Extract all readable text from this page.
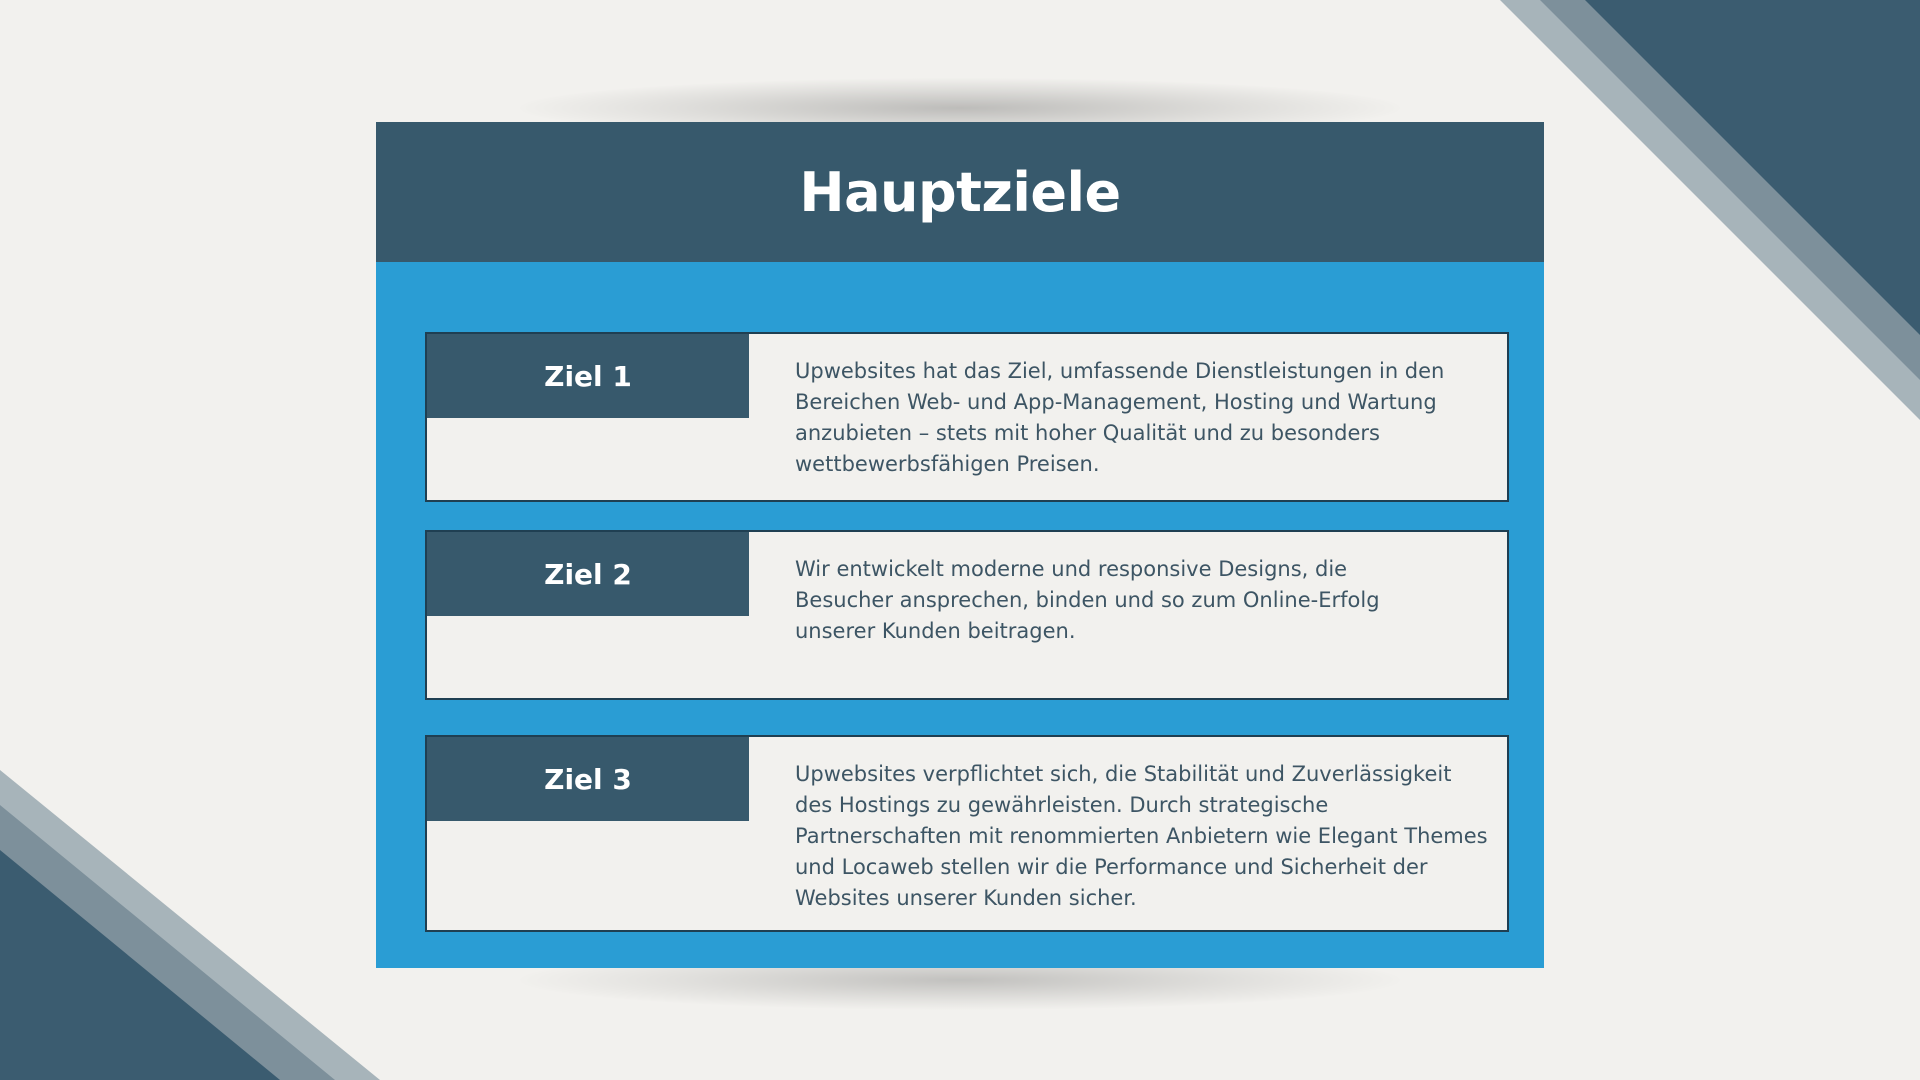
Hauptziele
Ziel 1	Upwebsites hat das Ziel, umfassende Dienstleistungen in den Bereichen Web- und App-Management, Hosting und Wartung anzubieten – stets mit hoher Qualität und zu besonders wettbewerbsfähigen Preisen.

Ziel 2	Wir entwickelt moderne und responsive Designs, die Besucher ansprechen, binden und so zum Online-Erfolg unserer Kunden beitragen.

Ziel 3	Upwebsites verpflichtet sich, die Stabilität und Zuverlässigkeit des Hostings zu gewährleisten. Durch strategische Partnerschaften mit renommierten Anbietern wie Elegant Themes und Locaweb stellen wir die Performance und Sicherheit der Websites unserer Kunden sicher.
